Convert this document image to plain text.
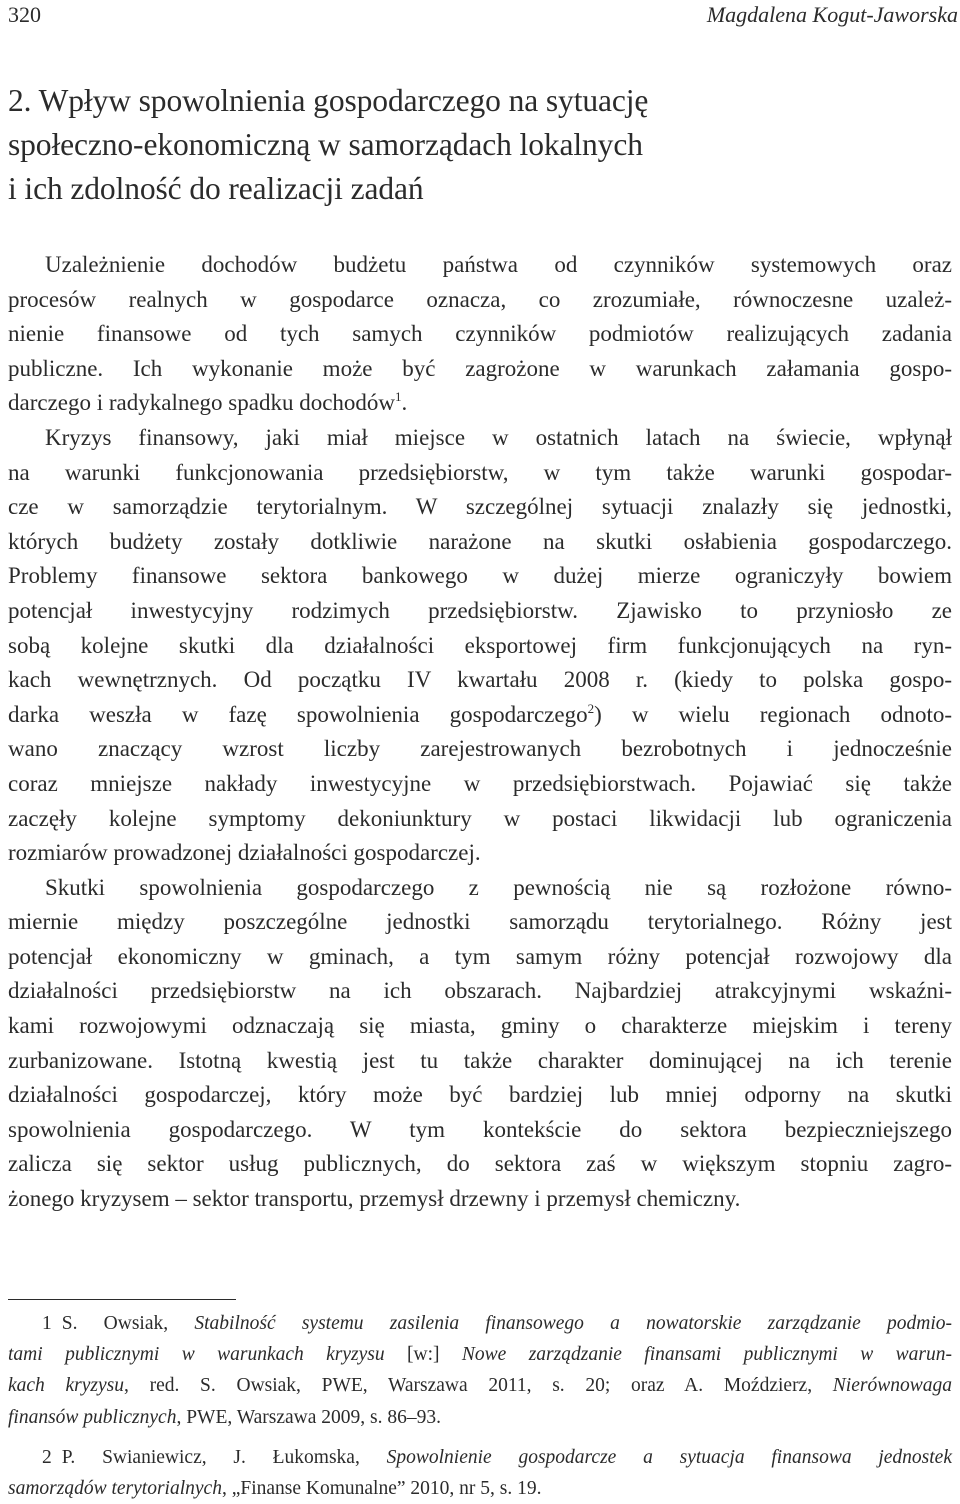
320	Magdalena Kogut-Jaworska
2. Wpływ spowolnienia gospodarczego na sytuację
społeczno-ekonomiczną w samorządach lokalnych
i ich zdolność do realizacji zadań
Uzależnienie dochodów budżetu państwa od czynników systemowych oraz
procesów realnych w gospodarce oznacza, co zrozumiałe, równoczesne uzależ-
nienie finansowe od tych samych czynników podmiotów realizujących zadania
publiczne. Ich wykonanie może być zagrożone w warunkach załamania gospo-
darczego i radykalnego spadku dochodów$^1$.
Kryzys finansowy, jaki miał miejsce w ostatnich latach na świecie, wpłynął
na warunki funkcjonowania przedsiębiorstw, w tym także warunki gospodar-
cze w samorządzie terytorialnym. W szczególnej sytuacji znalazły się jednostki,
których budżety zostały dotkliwie narażone na skutki osłabienia gospodarczego.
Problemy finansowe sektora bankowego w dużej mierze ograniczyły bowiem
potencjał inwestycyjny rodzimych przedsiębiorstw. Zjawisko to przyniosło ze
sobą kolejne skutki dla działalności eksportowej firm funkcjonujących na ryn-
kach wewnętrznych. Od początku IV kwartału 2008 r. (kiedy to polska gospo-
darka weszła w fazę spowolnienia gospodarczego$^2$) w wielu regionach odnoto-
wano znaczący wzrost liczby zarejestrowanych bezrobotnych i jednocześnie
coraz mniejsze nakłady inwestycyjne w przedsiębiorstwach. Pojawiać się także
zaczęły kolejne symptomy dekoniunktury w postaci likwidacji lub ograniczenia
rozmiarów prowadzonej działalności gospodarczej.
Skutki spowolnienia gospodarczego z pewnością nie są rozłożone równo-
miernie między poszczególne jednostki samorządu terytorialnego. Różny jest
potencjał ekonomiczny w gminach, a tym samym różny potencjał rozwojowy dla
działalności przedsiębiorstw na ich obszarach. Najbardziej atrakcyjnymi wskaźni-
kami rozwojowymi odznaczają się miasta, gminy o charakterze miejskim i tereny
zurbanizowane. Istotną kwestią jest tu także charakter dominującej na ich terenie
działalności gospodarczej, który może być bardziej lub mniej odporny na skutki
spowolnienia gospodarczego. W tym kontekście do sektora bezpieczniejszego
zalicza się sektor usług publicznych, do sektora zaś w większym stopniu zagro-
żonego kryzysem – sektor transportu, przemysł drzewny i przemysł chemiczny.
1 S. Owsiak, Stabilność systemu zasilenia finansowego a nowatorskie zarządzanie podmio-
tami publicznymi w warunkach kryzysu [w:] Nowe zarządzanie finansami publicznymi w warun-
kach kryzysu, red. S. Owsiak, PWE, Warszawa 2011, s. 20; oraz A. Moździerz, Nierównowaga
finansów publicznych, PWE, Warszawa 2009, s. 86–93.
2 P. Swianiewicz, J. Łukomska, Spowolnienie gospodarcze a sytuacja finansowa jednostek
samorządów terytorialnych, „Finanse Komunalne” 2010, nr 5, s. 19.
